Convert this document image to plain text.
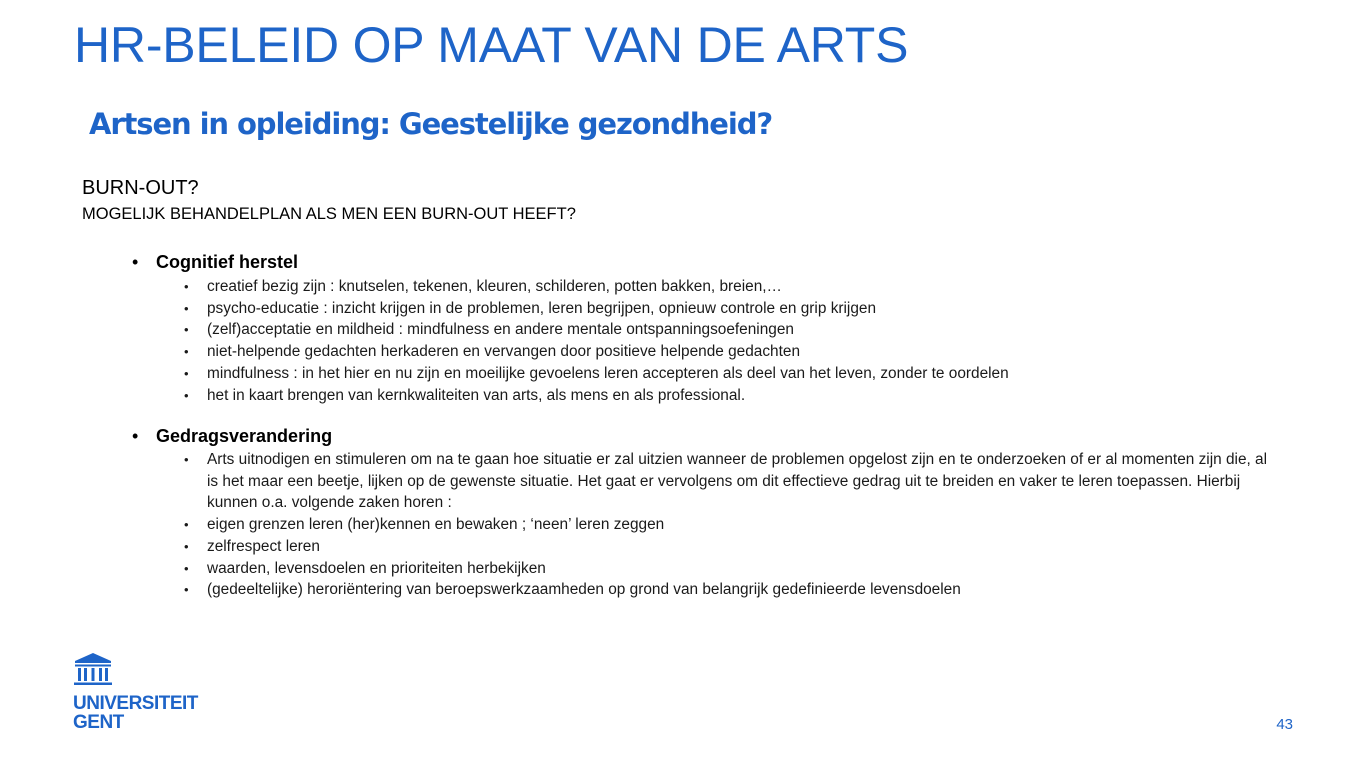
HR-BELEID OP MAAT VAN DE ARTS
Artsen in opleiding: Geestelijke gezondheid?
BURN-OUT?
MOGELIJK BEHANDELPLAN ALS MEN EEN BURN-OUT HEEFT?
• Cognitief herstel
• creatief bezig zijn : knutselen, tekenen, kleuren, schilderen, potten bakken, breien,…
• psycho-educatie : inzicht krijgen in de problemen, leren begrijpen, opnieuw controle en grip krijgen
• (zelf)acceptatie en mildheid : mindfulness en andere mentale ontspanningsoefeningen
• niet-helpende gedachten herkaderen en vervangen door positieve helpende gedachten
• mindfulness : in het hier en nu zijn en moeilijke gevoelens leren accepteren als deel van het leven, zonder te oordelen
• het in kaart brengen van kernkwaliteiten van arts, als mens en als professional.
• Gedragsverandering
• Arts uitnodigen en stimuleren om na te gaan hoe situatie er zal uitzien wanneer de problemen opgelost zijn en te onderzoeken of er al momenten zijn die, al is het maar een beetje, lijken op de gewenste situatie. Het gaat er vervolgens om dit effectieve gedrag uit te breiden en vaker te leren toepassen. Hierbij kunnen o.a. volgende zaken horen :
• eigen grenzen leren (her)kennen en bewaken ; ‘neen’ leren zeggen
• zelfrespect leren
• waarden, levensdoelen en prioriteiten herbekijken
• (gedeeltelijke) heroriëntering van beroepswerkzaamheden op grond van belangrijk gedefinieerde levensdoelen
UNIVERSITEIT
GENT	43
